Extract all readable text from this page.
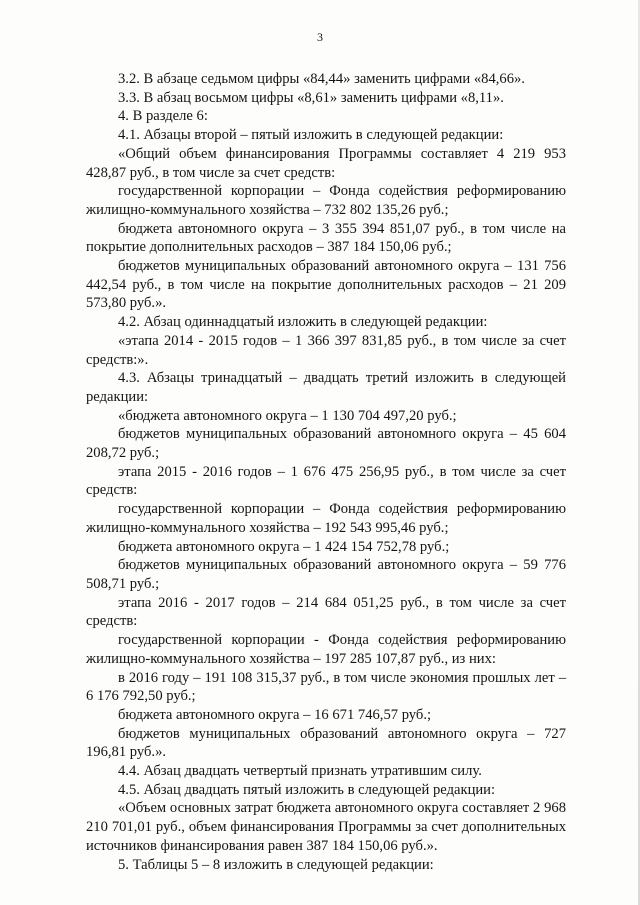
3

3.2. В абзаце седьмом цифры «84,44» заменить цифрами «84,66».

3.3. В абзац восьмом цифры «8,61» заменить цифрами «8,11».

4. В разделе 6:

4.1. Абзацы второй – пятый изложить в следующей редакции:

«Общий объем финансирования Программы составляет 4 219 953 428,87 руб., в том числе за счет средств:

государственной корпорации – Фонда содействия реформированию жилищно-коммунального хозяйства – 732 802 135,26 руб.;

бюджета автономного округа – 3 355 394 851,07 руб., в том числе на покрытие дополнительных расходов – 387 184 150,06 руб.;

бюджетов муниципальных образований автономного округа – 131 756 442,54 руб., в том числе на покрытие дополнительных расходов – 21 209 573,80 руб.».

4.2. Абзац одиннадцатый изложить в следующей редакции:

«этапа 2014 - 2015 годов – 1 366 397 831,85 руб., в том числе за счет средств:».

4.3. Абзацы тринадцатый – двадцать третий изложить в следующей редакции:

«бюджета автономного округа – 1 130 704 497,20 руб.;

бюджетов муниципальных образований автономного округа – 45 604 208,72 руб.;

этапа 2015 - 2016 годов – 1 676 475 256,95 руб., в том числе за счет средств:

государственной корпорации – Фонда содействия реформированию жилищно-коммунального хозяйства – 192 543 995,46 руб.;

бюджета автономного округа – 1 424 154 752,78 руб.;

бюджетов муниципальных образований автономного округа – 59 776 508,71 руб.;

этапа 2016 - 2017 годов – 214 684 051,25 руб., в том числе за счет средств:

государственной корпорации - Фонда содействия реформированию жилищно-коммунального хозяйства – 197 285 107,87 руб., из них:

в 2016 году – 191 108 315,37 руб., в том числе экономия прошлых лет – 6 176 792,50 руб.;

бюджета автономного округа – 16 671 746,57 руб.;

бюджетов муниципальных образований автономного округа – 727 196,81 руб.».

4.4. Абзац двадцать четвертый признать утратившим силу.

4.5. Абзац двадцать пятый изложить в следующей редакции:

«Объем основных затрат бюджета автономного округа составляет 2 968 210 701,01 руб., объем финансирования Программы за счет дополнительных источников финансирования равен 387 184 150,06 руб.».

5. Таблицы 5 – 8 изложить в следующей редакции:
